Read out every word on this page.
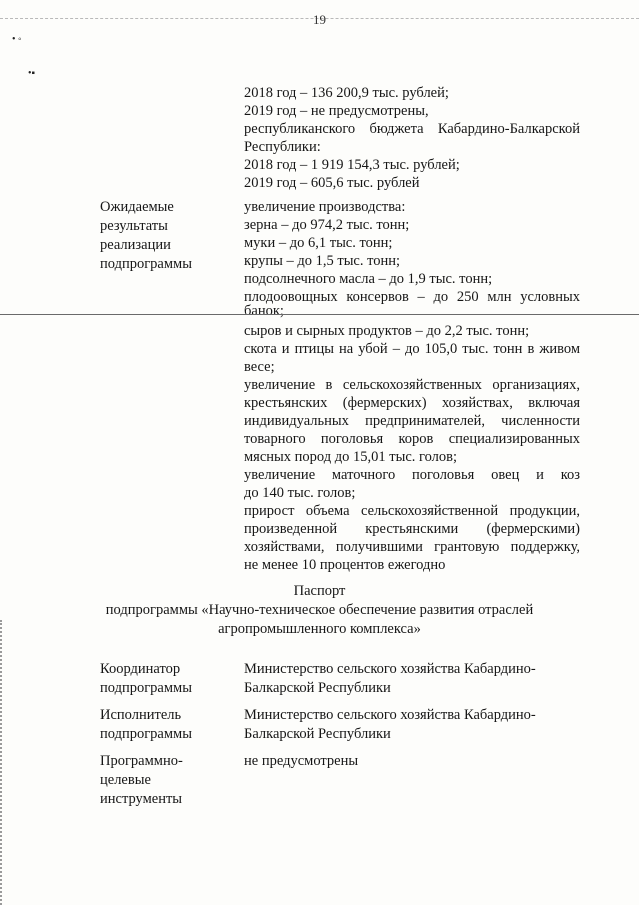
19
• ◦
•▪
2018 год – 136 200,9 тыс. рублей;
2019 год – не предусмотрены,
республиканского бюджета Кабардино-Балкарской
Республики:
2018 год – 1 919 154,3 тыс. рублей;
2019 год – 605,6 тыс. рублей
Ожидаемые
результаты
реализации
подпрограммы
увеличение производства:
зерна – до 974,2 тыс. тонн;
муки – до 6,1 тыс. тонн;
крупы – до 1,5 тыс. тонн;
подсолнечного масла – до 1,9 тыс. тонн;
плодоовощных консервов – до 250 млн условных
банок;
сыров и сырных продуктов – до 2,2 тыс. тонн;
скота и птицы на убой – до 105,0 тыс. тонн в живом
весе;
увеличение в сельскохозяйственных организациях,
крестьянских (фермерских) хозяйствах, включая
индивидуальных предпринимателей, численности
товарного поголовья коров специализированных
мясных пород до 15,01 тыс. голов;
увеличение маточного поголовья овец и коз
до 140 тыс. голов;
прирост объема сельскохозяйственной продукции,
произведенной крестьянскими (фермерскими)
хозяйствами, получившими грантовую поддержку,
не менее 10 процентов ежегодно
Паспорт
подпрограммы «Научно-техническое обеспечение развития отраслей
агропромышленного комплекса»
Координатор
подпрограммы
Министерство сельского хозяйства Кабардино-
Балкарской Республики
Исполнитель
подпрограммы
Министерство сельского хозяйства Кабардино-
Балкарской Республики
Программно-
целевые
инструменты
не предусмотрены
